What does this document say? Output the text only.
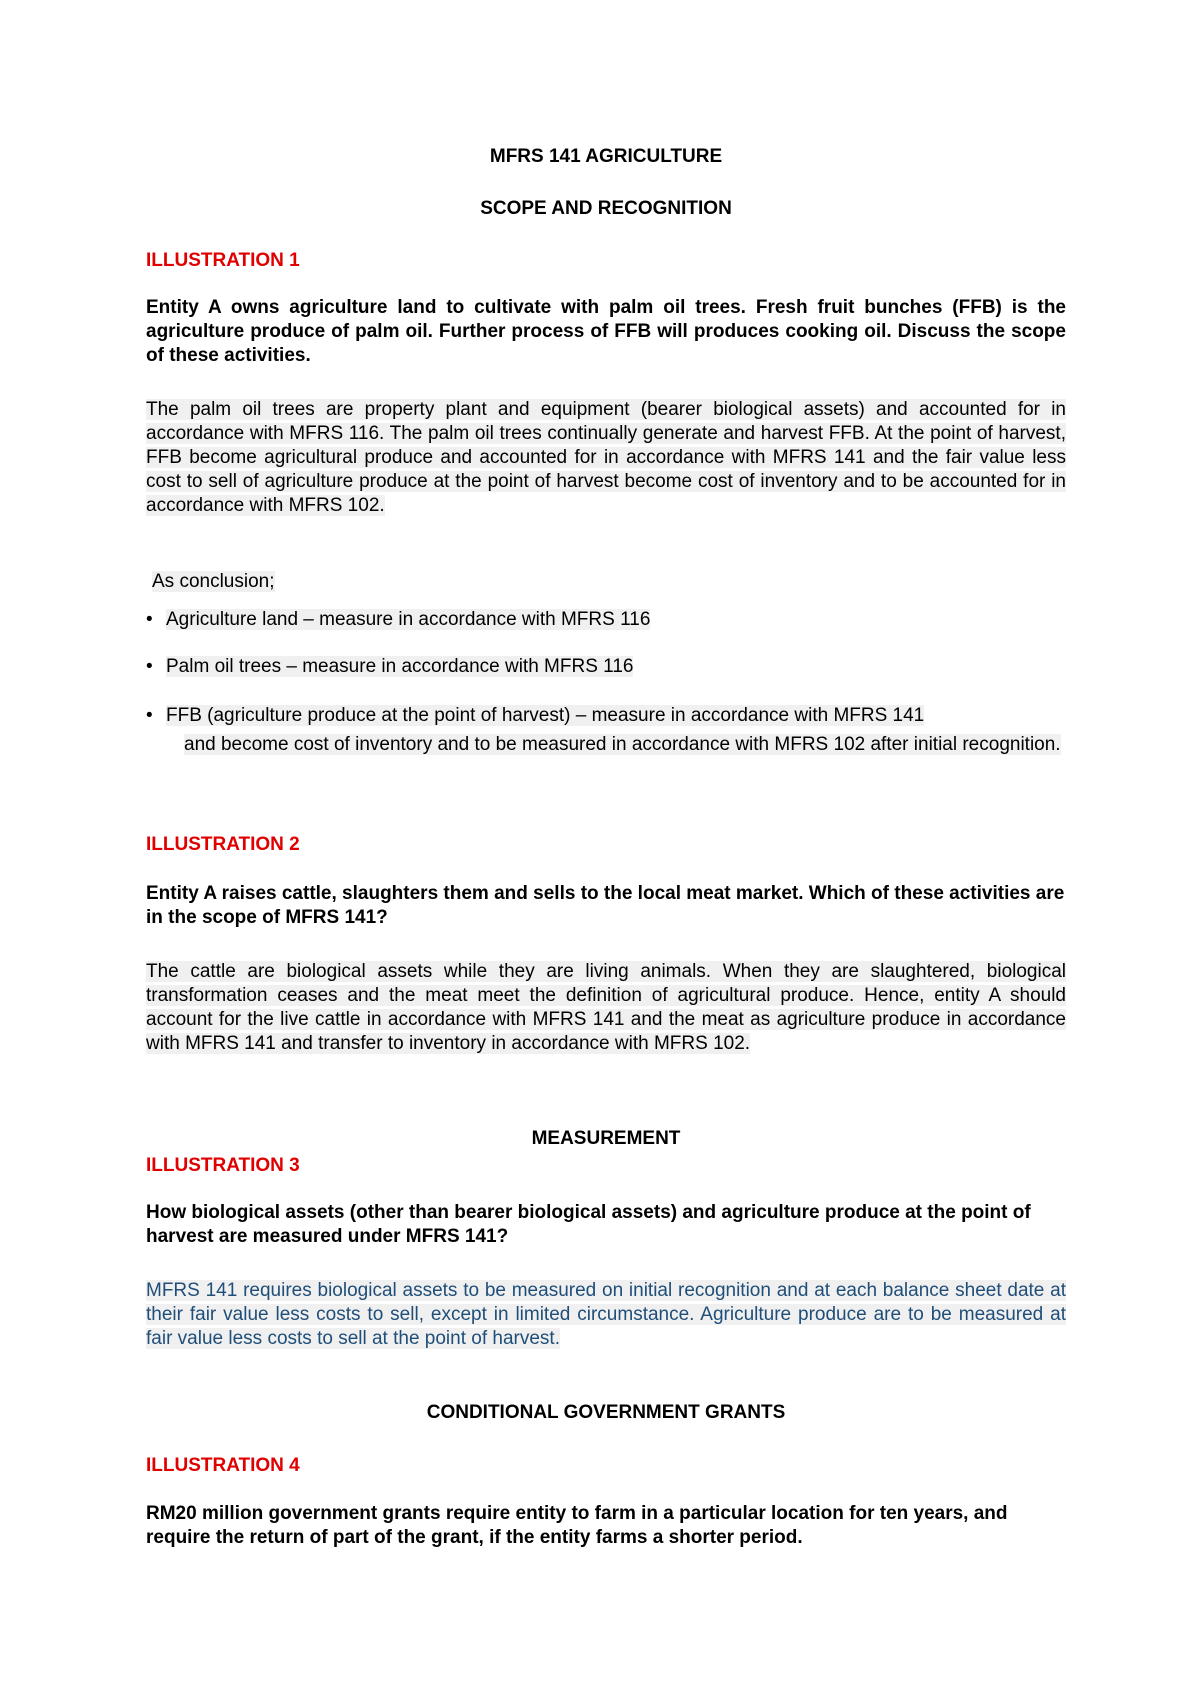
MFRS 141 AGRICULTURE
SCOPE AND RECOGNITION
ILLUSTRATION 1
Entity A owns agriculture land to cultivate with palm oil trees. Fresh fruit bunches (FFB) is the agriculture produce of palm oil. Further process of FFB will produces cooking oil. Discuss the scope of these activities.
The palm oil trees are property plant and equipment (bearer biological assets) and accounted for in accordance with MFRS 116. The palm oil trees continually generate and harvest FFB. At the point of harvest, FFB become agricultural produce and accounted for in accordance with MFRS 141 and the fair value less cost to sell of agriculture produce at the point of harvest become cost of inventory and to be accounted for in accordance with MFRS 102.
As conclusion;
• Agriculture land – measure in accordance with MFRS 116
• Palm oil trees – measure in accordance with MFRS 116
• FFB (agriculture produce at the point of harvest) – measure in accordance with MFRS 141
and become cost of inventory and to be measured in accordance with MFRS 102 after initial recognition.
ILLUSTRATION 2
Entity A raises cattle, slaughters them and sells to the local meat market. Which of these activities are in the scope of MFRS 141?
The cattle are biological assets while they are living animals. When they are slaughtered, biological transformation ceases and the meat meet the definition of agricultural produce. Hence, entity A should account for the live cattle in accordance with MFRS 141 and the meat as agriculture produce in accordance with MFRS 141 and transfer to inventory in accordance with MFRS 102.
MEASUREMENT
ILLUSTRATION 3
How biological assets (other than bearer biological assets) and agriculture produce at the point of harvest are measured under MFRS 141?
MFRS 141 requires biological assets to be measured on initial recognition and at each balance sheet date at their fair value less costs to sell, except in limited circumstance. Agriculture produce are to be measured at fair value less costs to sell at the point of harvest.
CONDITIONAL GOVERNMENT GRANTS
ILLUSTRATION 4
RM20 million government grants require entity to farm in a particular location for ten years, and require the return of part of the grant, if the entity farms a shorter period.
